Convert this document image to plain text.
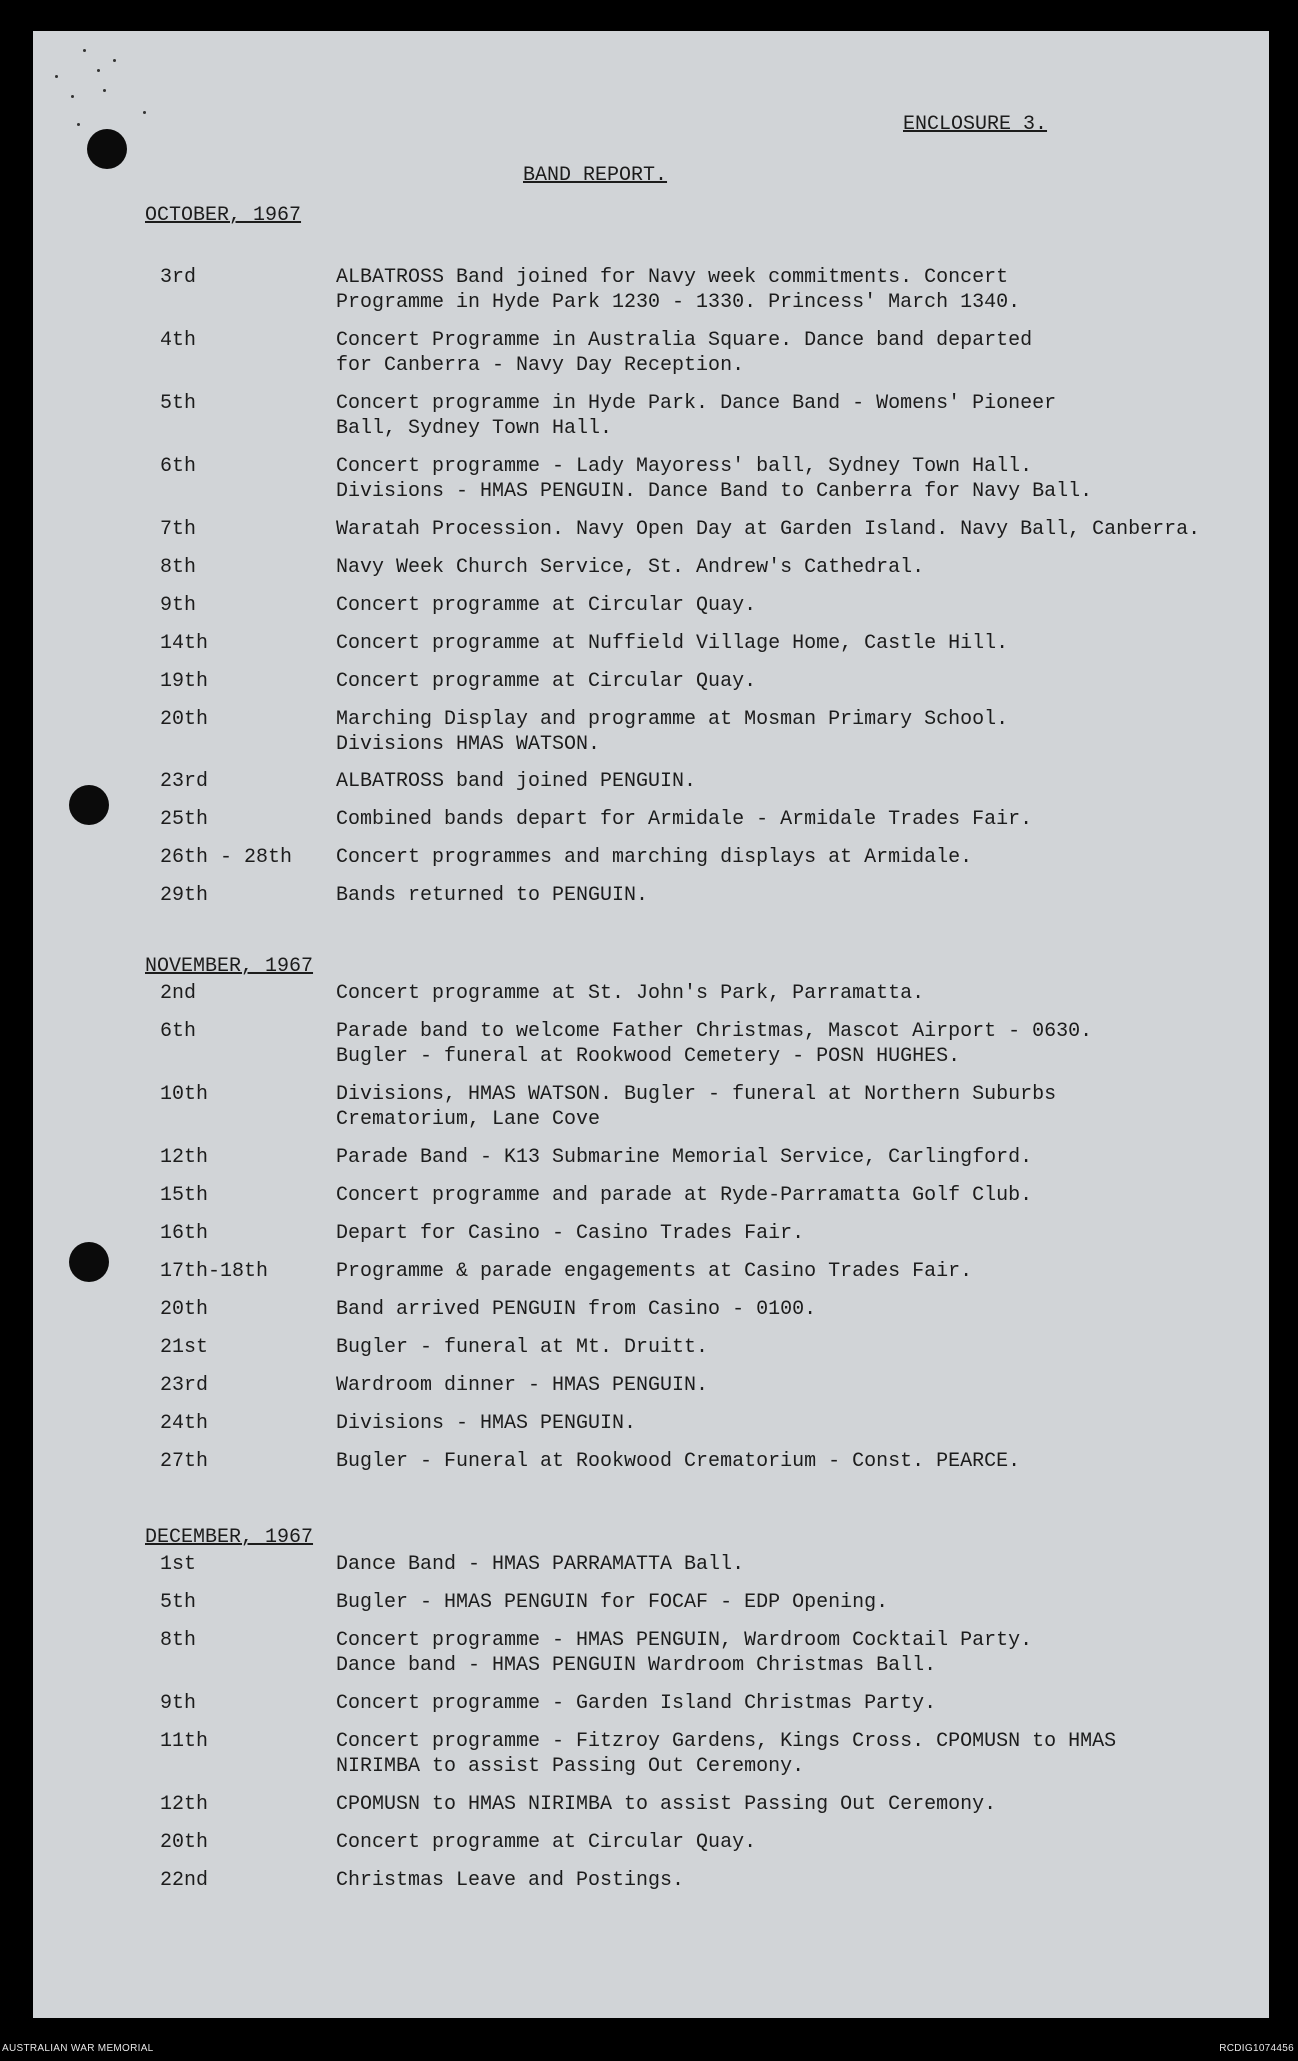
ENCLOSURE 3.
BAND REPORT.
OCTOBER, 1967
3rd	ALBATROSS Band joined for Navy week commitments. Concert
Programme in Hyde Park 1230 - 1330. Princess' March 1340.
4th	Concert Programme in Australia Square. Dance band departed
for Canberra - Navy Day Reception.
5th	Concert programme in Hyde Park. Dance Band - Womens' Pioneer
Ball, Sydney Town Hall.
6th	Concert programme - Lady Mayoress' ball, Sydney Town Hall.
Divisions - HMAS PENGUIN. Dance Band to Canberra for Navy Ball.
7th	Waratah Procession. Navy Open Day at Garden Island. Navy Ball, Canberra.
8th	Navy Week Church Service, St. Andrew's Cathedral.
9th	Concert programme at Circular Quay.
14th	Concert programme at Nuffield Village Home, Castle Hill.
19th	Concert programme at Circular Quay.
20th	Marching Display and programme at Mosman Primary School.
Divisions HMAS WATSON.
23rd	ALBATROSS band joined PENGUIN.
25th	Combined bands depart for Armidale - Armidale Trades Fair.
26th - 28th Concert programmes and marching displays at Armidale.
29th	Bands returned to PENGUIN.
NOVEMBER, 1967
2nd	Concert programme at St. John's Park, Parramatta.
6th	Parade band to welcome Father Christmas, Mascot Airport - 0630.
Bugler - funeral at Rookwood Cemetery - POSN HUGHES.
10th	Divisions, HMAS WATSON. Bugler - funeral at Northern Suburbs
Crematorium, Lane Cove
12th	Parade Band - K13 Submarine Memorial Service, Carlingford.
15th	Concert programme and parade at Ryde-Parramatta Golf Club.
16th	Depart for Casino - Casino Trades Fair.
17th-18th	Programme & parade engagements at Casino Trades Fair.
20th	Band arrived PENGUIN from Casino - 0100.
21st	Bugler - funeral at Mt. Druitt.
23rd	Wardroom dinner - HMAS PENGUIN.
24th	Divisions - HMAS PENGUIN.
27th	Bugler - Funeral at Rookwood Crematorium - Const. PEARCE.
DECEMBER, 1967
1st	Dance Band - HMAS PARRAMATTA Ball.
5th	Bugler - HMAS PENGUIN for FOCAF - EDP Opening.
8th	Concert programme - HMAS PENGUIN, Wardroom Cocktail Party.
Dance band - HMAS PENGUIN Wardroom Christmas Ball.
9th	Concert programme - Garden Island Christmas Party.
11th	Concert programme - Fitzroy Gardens, Kings Cross. CPOMUSN to HMAS
NIRIMBA to assist Passing Out Ceremony.
12th	CPOMUSN to HMAS NIRIMBA to assist Passing Out Ceremony.
20th	Concert programme at Circular Quay.
22nd	Christmas Leave and Postings.
AUSTRALIAN WAR MEMORIAL	RCDIG1074456
